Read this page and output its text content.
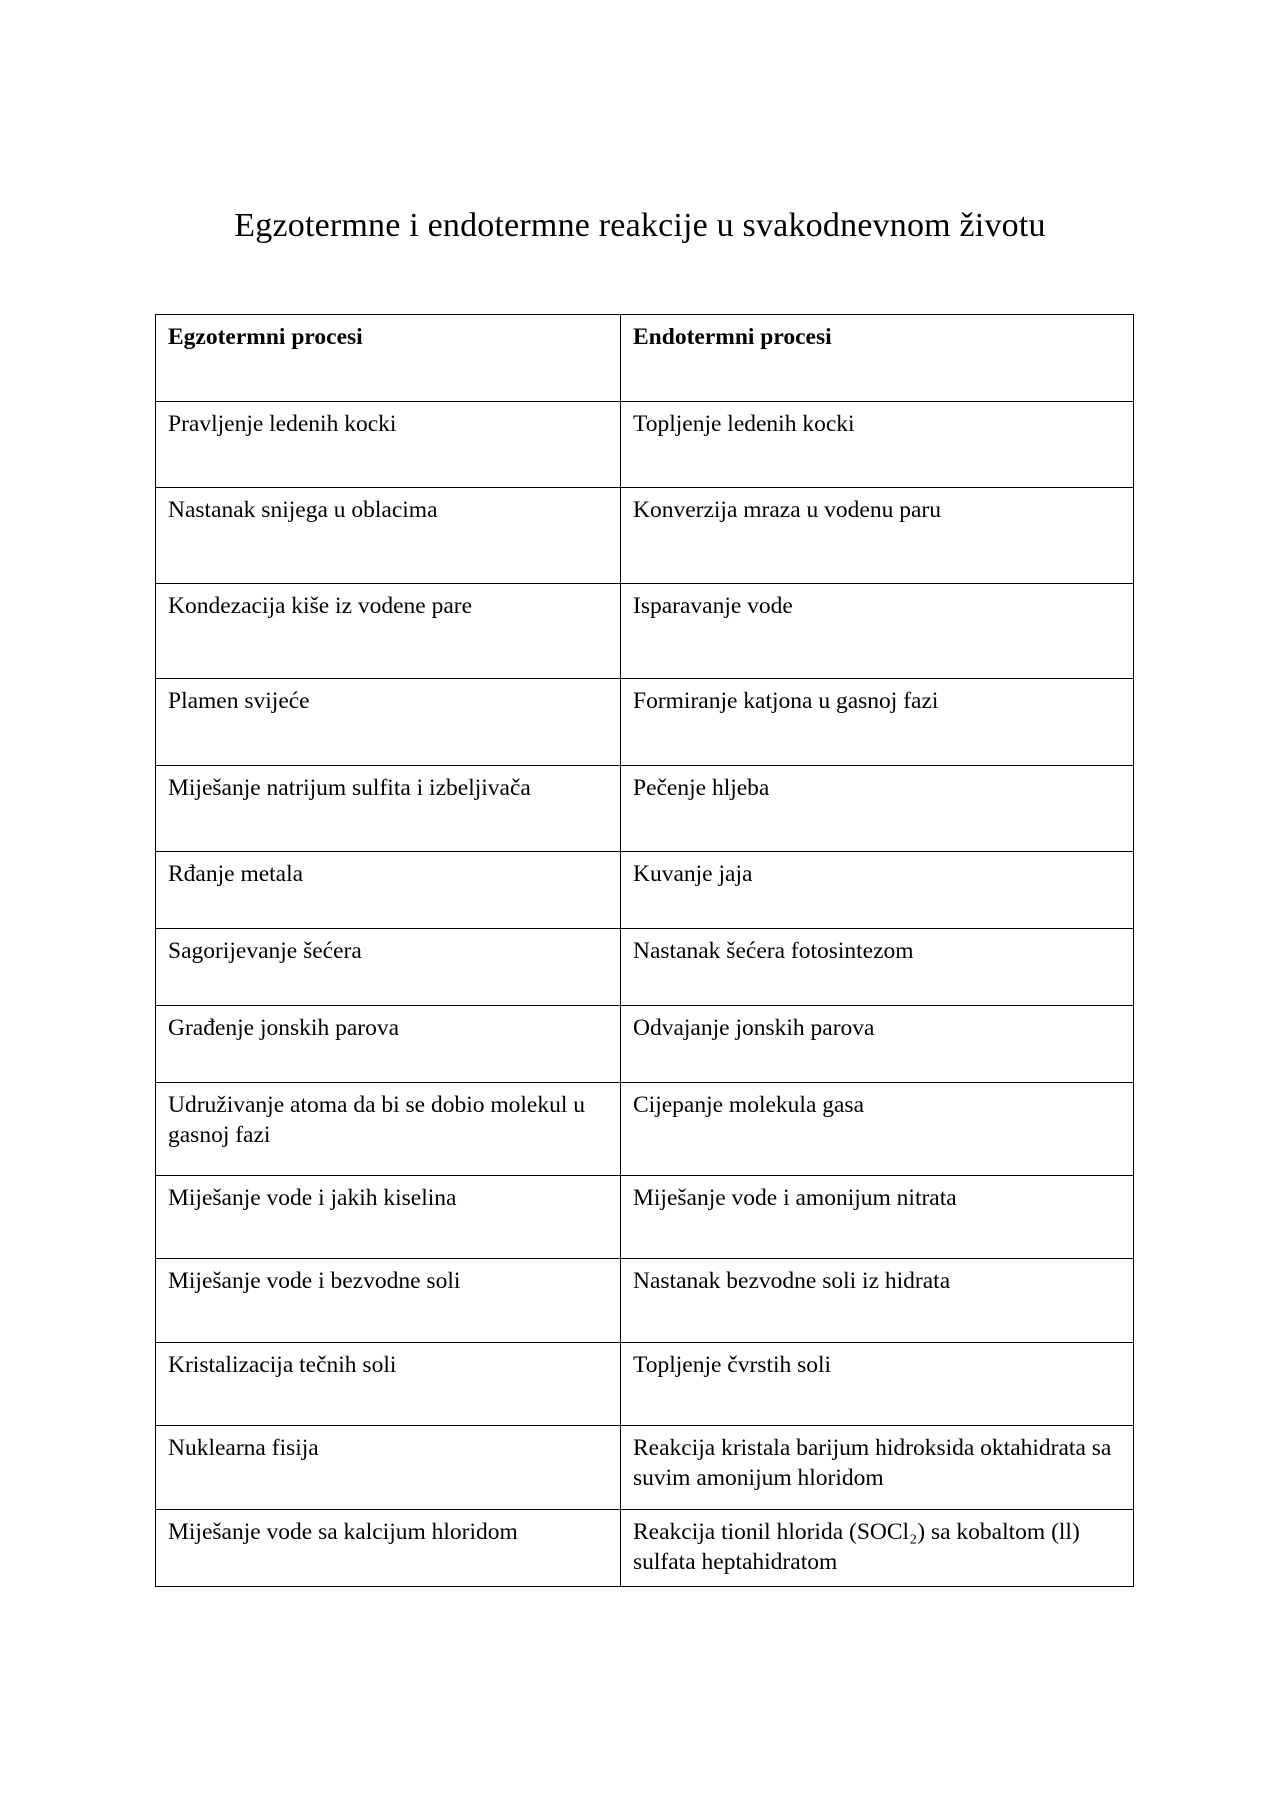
Egzotermne i endotermne reakcije u svakodnevnom životu
Egzotermni procesi	Endotermni procesi
Pravljenje ledenih kocki	Topljenje ledenih kocki
Nastanak snijega u oblacima	Konverzija mraza u vodenu paru
Kondezacija kiše iz vodene pare	Isparavanje vode
Plamen svijeće	Formiranje katjona u gasnoj fazi
Miješanje natrijum sulfita i izbeljivača	Pečenje hljeba
Rđanje metala	Kuvanje jaja
Sagorijevanje šećera	Nastanak šećera fotosintezom
Građenje jonskih parova	Odvajanje jonskih parova
Udruživanje atoma da bi se dobio molekul u gasnoj fazi	Cijepanje molekula gasa
Miješanje vode i jakih kiselina	Miješanje vode i amonijum nitrata
Miješanje vode i bezvodne soli	Nastanak bezvodne soli iz hidrata
Kristalizacija tečnih soli	Topljenje čvrstih soli
Nuklearna fisija	Reakcija kristala barijum hidroksida oktahidrata sa suvim amonijum hloridom
Miješanje vode sa kalcijum hloridom	Reakcija tionil hlorida (SOCl₂) sa kobaltom (ll) sulfata heptahidratom
